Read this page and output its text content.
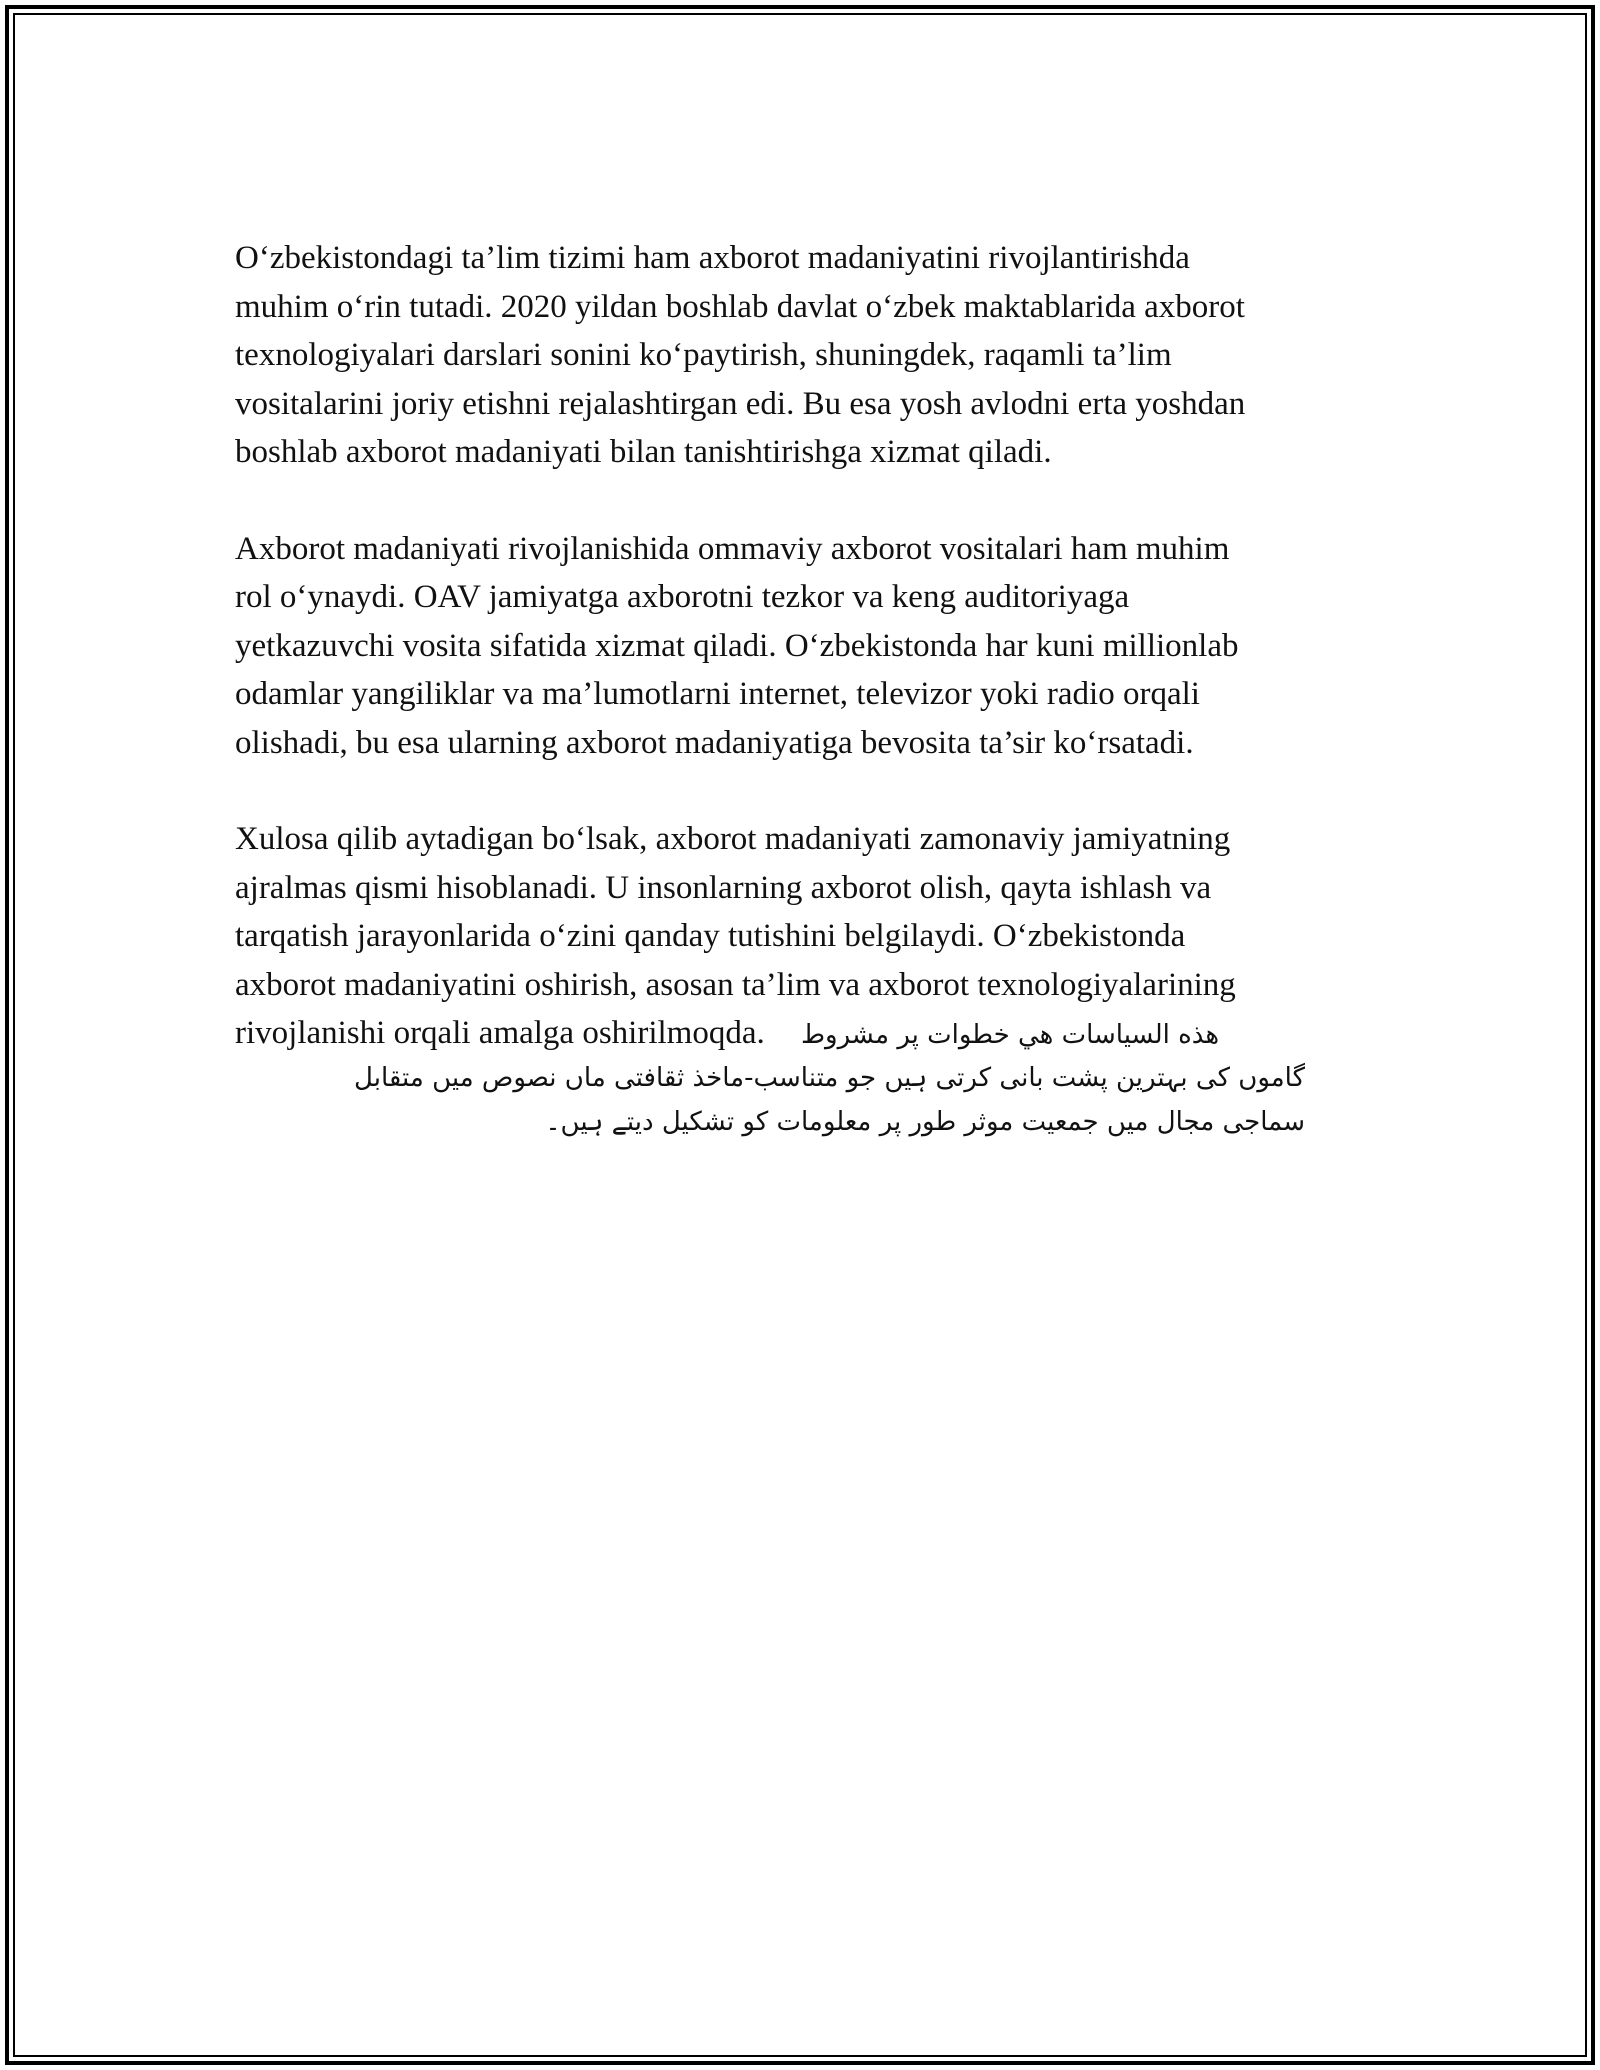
O‘zbekistondagi ta’lim tizimi ham axborot madaniyatini rivojlantirishda
muhim o‘rin tutadi. 2020 yildan boshlab davlat o‘zbek maktablarida axborot
texnologiyalari darslari sonini ko‘paytirish, shuningdek, raqamli ta’lim
vositalarini joriy etishni rejalashtirgan edi. Bu esa yosh avlodni erta yoshdan
boshlab axborot madaniyati bilan tanishtirishga xizmat qiladi.
Axborot madaniyati rivojlanishida ommaviy axborot vositalari ham muhim
rol o‘ynaydi. OAV jamiyatga axborotni tezkor va keng auditoriyaga
yetkazuvchi vosita sifatida xizmat qiladi. O‘zbekistonda har kuni millionlab
odamlar yangiliklar va ma’lumotlarni internet, televizor yoki radio orqali
olishadi, bu esa ularning axborot madaniyatiga bevosita ta’sir ko‘rsatadi.
Xulosa qilib aytadigan bo‘lsak, axborot madaniyati zamonaviy jamiyatning
ajralmas qismi hisoblanadi. U insonlarning axborot olish, qayta ishlash va
tarqatish jarayonlarida o‘zini qanday tutishini belgilaydi. O‘zbekistonda
axborot madaniyatini oshirish, asosan ta’lim va axborot texnologiyalarining
rivojlanishi orqali amalga oshirilmoqda. هذه السياسات هي خطوات پر مشروط
گاموں کی بہترین پشت بانی کرتی ہیں جو متناسب-ماخذ ثقافتی ماں نصوص میں متقابل
سماجی مجال میں جمعیت موثر طور پر معلومات کو تشکیل دیتے ہیں۔
